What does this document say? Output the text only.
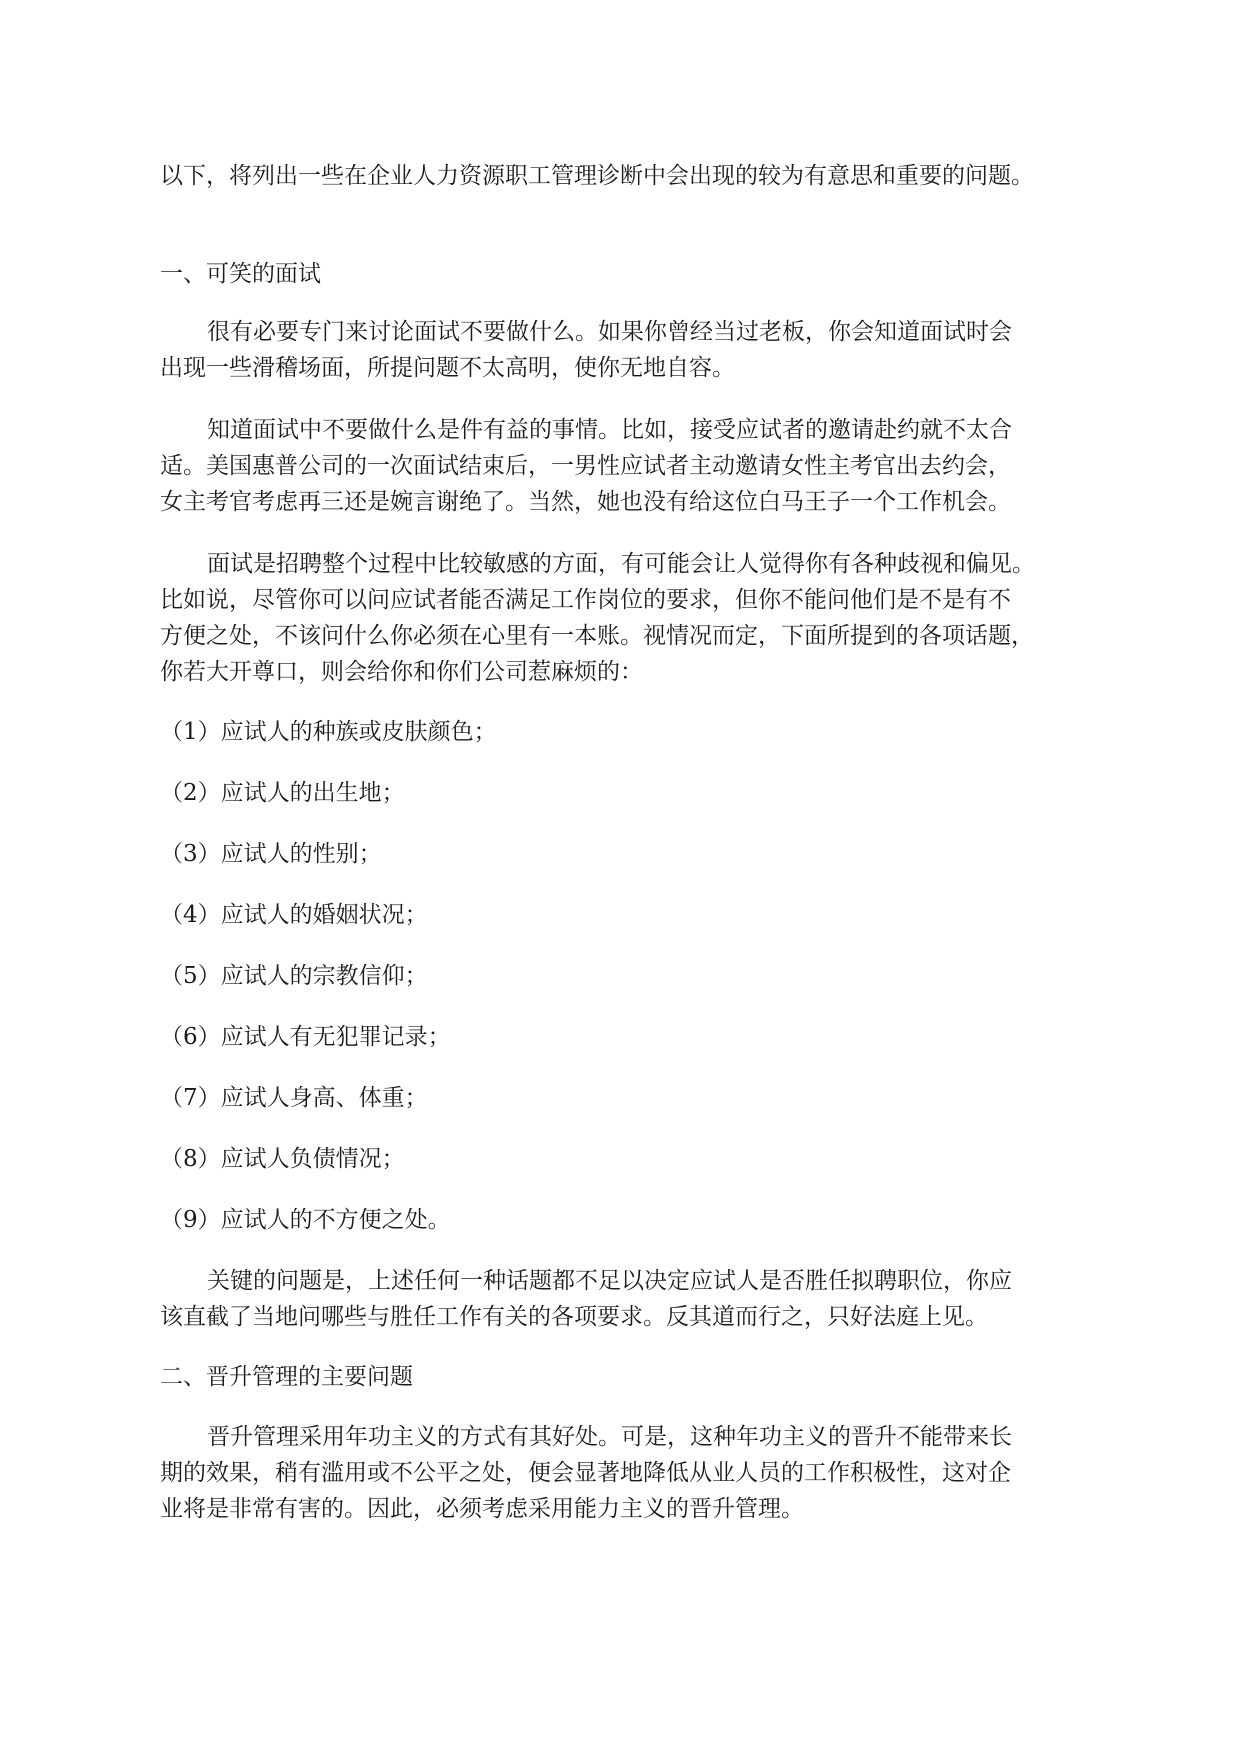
以下，将列出一些在企业人力资源职工管理诊断中会出现的较为有意思和重要的问题。
一、可笑的面试
很有必要专门来讨论面试不要做什么。如果你曾经当过老板，你会知道面试时会
出现一些滑稽场面，所提问题不太高明，使你无地自容。
知道面试中不要做什么是件有益的事情。比如，接受应试者的邀请赴约就不太合
适。美国惠普公司的一次面试结束后，一男性应试者主动邀请女性主考官出去约会，
女主考官考虑再三还是婉言谢绝了。当然，她也没有给这位白马王子一个工作机会。
面试是招聘整个过程中比较敏感的方面，有可能会让人觉得你有各种歧视和偏见。
比如说，尽管你可以问应试者能否满足工作岗位的要求，但你不能问他们是不是有不
方便之处，不该问什么你必须在心里有一本账。视情况而定，下面所提到的各项话题，
你若大开尊口，则会给你和你们公司惹麻烦的：
（1）应试人的种族或皮肤颜色；
（2）应试人的出生地；
（3）应试人的性别；
（4）应试人的婚姻状况；
（5）应试人的宗教信仰；
（6）应试人有无犯罪记录；
（7）应试人身高、体重；
（8）应试人负债情况；
（9）应试人的不方便之处。
关键的问题是，上述任何一种话题都不足以决定应试人是否胜任拟聘职位，你应
该直截了当地问哪些与胜任工作有关的各项要求。反其道而行之，只好法庭上见。
二、晋升管理的主要问题
晋升管理采用年功主义的方式有其好处。可是，这种年功主义的晋升不能带来长
期的效果，稍有滥用或不公平之处，便会显著地降低从业人员的工作积极性，这对企
业将是非常有害的。因此，必须考虑采用能力主义的晋升管理。
